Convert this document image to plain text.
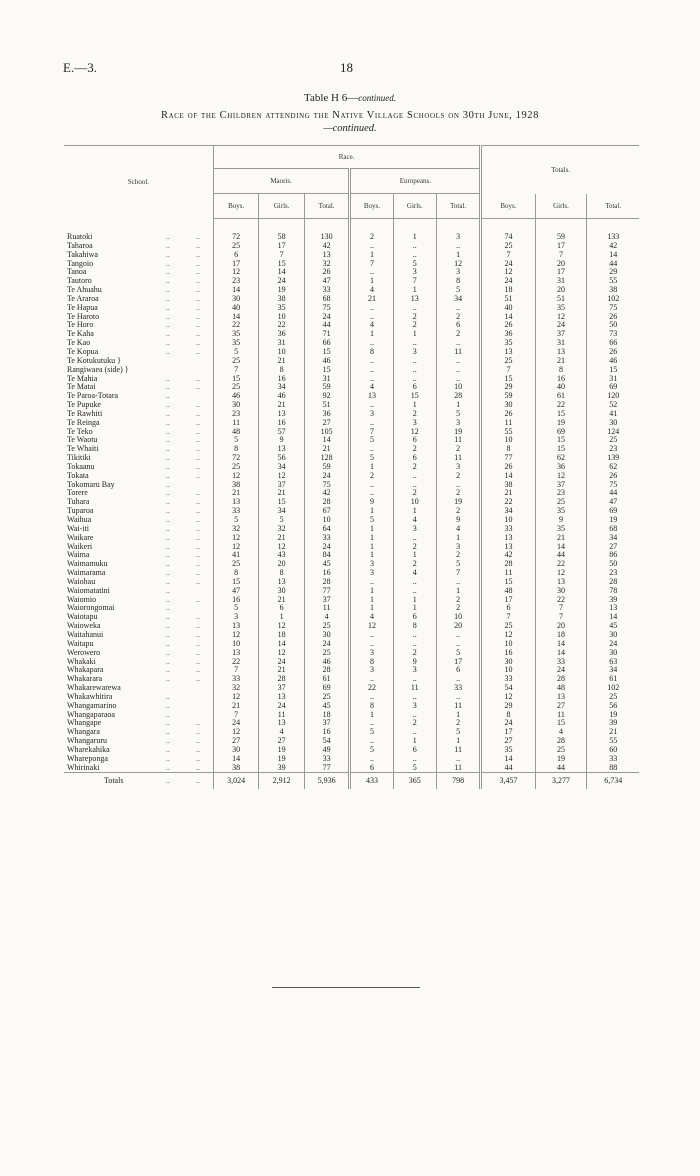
E.—3.	18
Table H 6—continued.
Race of the Children attending the Native Village Schools on 30th June, 1928
—continued.
School.			Race.						Totals.		
			Maoris.			Europeans.					
			Boys.	Girls.	Total.	Boys.	Girls.	Total.	Boys.	Girls.	Total.

Ruatoki	..	..	72	58	130	2	1	3	74	59	133
Taharoa	..	..	25	17	42	..	..	..	25	17	42
Takahiwa	..	..	6	7	13	1	..	1	7	7	14
Tangoio	..	..	17	15	32	7	5	12	24	20	44
Tanoa	..	..	12	14	26	..	3	3	12	17	29
Tautoro	..	..	23	24	47	1	7	8	24	31	55
Te Ahuahu	..	..	14	19	33	4	1	5	18	20	38
Te Araroa	..	..	30	38	68	21	13	34	51	51	102
Te Hapua	..	..	40	35	75	..	..	..	40	35	75
Te Haroto	..	..	14	10	24	..	2	2	14	12	26
Te Horo	..	..	22	22	44	4	2	6	26	24	50
Te Kaha	..	..	35	36	71	1	1	2	36	37	73
Te Kao	..	..	35	31	66	..	..	..	35	31	66
Te Kopua	..	..	5	10	15	8	3	11	13	13	26
Te Kotukutuku }			25	21	46	..	..	..	25	21	46
Rangiwaea (side) }			7	8	15	..	..	..	7	8	15
Te Mahia	..	..	15	16	31	..	..	..	15	16	31
Te Matai	..	..	25	34	59	4	6	10	29	40	69
Te Paroa-Totara	..		46	46	92	13	15	28	59	61	120
Te Pupuke	..	..	30	21	51	..	1	1	30	22	52
Te Rawhiti	..	..	23	13	36	3	2	5	26	15	41
Te Reinga	..	..	11	16	27	..	3	3	11	19	30
Te Teko	..	..	48	57	105	7	12	19	55	69	124
Te Waotu	..	..	5	9	14	5	6	11	10	15	25
Te Whaiti	..	..	8	13	21	..	2	2	8	15	23
Tikitiki	..	..	72	56	128	5	6	11	77	62	139
Tokaanu	..	..	25	34	59	1	2	3	26	36	62
Tokata	..	..	12	12	24	2	..	2	14	12	26
Tokomaru Bay	..		38	37	75	..	..	..	38	37	75
Torere	..	..	21	21	42	..	2	2	21	23	44
Tuhara	..	..	13	15	28	9	10	19	22	25	47
Tuparoa	..	..	33	34	67	1	1	2	34	35	69
Waihua	..	..	5	5	10	5	4	9	10	9	19
Wai-iti	..	..	32	32	64	1	3	4	33	35	68
Waikare	..	..	12	21	33	1	..	1	13	21	34
Waikeri	..	..	12	12	24	1	2	3	13	14	27
Waima	..	..	41	43	84	1	1	2	42	44	86
Waimamuku	..	..	25	20	45	3	2	5	28	22	50
Waimarama	..	..	8	8	16	3	4	7	11	12	23
Waiohau	..	..	15	13	28	..	..	..	15	13	28
Waiomatatini	..		47	30	77	1	..	1	48	30	78
Waiomio	..	..	16	21	37	1	1	2	17	22	39
Waiorongomai	..		5	6	11	1	1	2	6	7	13
Waiotapu	..	..	3	1	4	4	6	10	7	7	14
Waioweka	..	..	13	12	25	12	8	20	25	20	45
Waitahanui	..	..	12	18	30	..	..	..	12	18	30
Waitapu	..	..	10	14	24	..	..	..	10	14	24
Werowero	..	..	13	12	25	3	2	5	16	14	30
Whakaki	..	..	22	24	46	8	9	17	30	33	63
Whakapara	..	..	7	21	28	3	3	6	10	24	34
Whakarara	..	..	33	28	61	..	..	..	33	28	61
Whakarewarewa			32	37	69	22	11	33	54	48	102
Whakawhitira	..		12	13	25	..	..	..	12	13	25
Whangamarino	..		21	24	45	8	3	11	29	27	56
Whangaparaoa	..		7	11	18	1	..	1	8	11	19
Whangape	..	..	24	13	37	..	2	2	24	15	39
Whangara	..	..	12	4	16	5	..	5	17	4	21
Whangaruru	..	..	27	27	54	..	1	1	27	28	55
Wharekahika	..	..	30	19	49	5	6	11	35	25	60
Whareponga	..	..	14	19	33	..	..	..	14	19	33
Whirinaki	..	..	38	39	77	6	5	11	44	44	88
Totals	..	..	3,024	2,912	5,936	433	365	798	3,457	3,277	6,734
